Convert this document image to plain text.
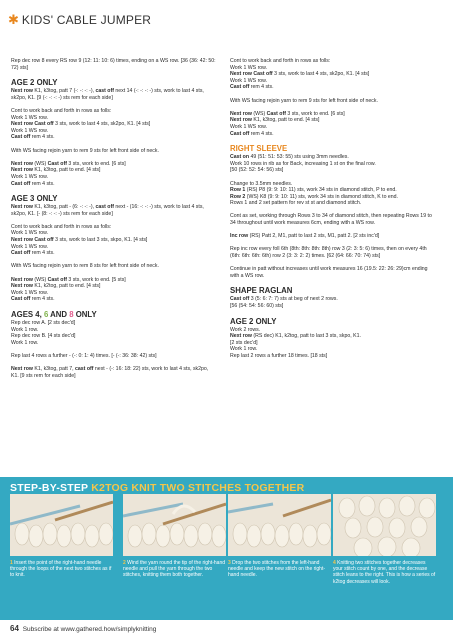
✱ KIDS' CABLE JUMPER

Rep dec row 8 every RS row 9 (12: 11: 10: 6) times, ending on a WS row. [36 (36: 42: 50: 72) sts]

AGE 2 ONLY

Next row K1, k3tog, patt 7 (-: -: -: -), cast off next 14 (-: -: -: -) sts, work to last 4 sts, sk2po, K1. [9 (-: -: -: -) sts rem for each side]

Cont to work back and forth in rows as folls:
Work 1 WS row.
Next row Cast off 3 sts, work to last 4 sts, sk2po, K1. [4 sts]
Work 1 WS row.
Cast off rem 4 sts.

With WS facing rejoin yarn to rem 9 sts for left front side of neck.

Next row (WS) Cast off 3 sts, work to end. [6 sts]
Next row K1, k3tog, patt to end. [4 sts]
Work 1 WS row.
Cast off rem 4 sts.

AGE 3 ONLY

Next row K1, k3tog, patt - (6: -: -: -), cast off next - (16: -: -: -) sts, work to last 4 sts, sk2po, K1. [- (8: -: -: -) sts rem for each side]

Cont to work back and forth in rows as folls:
Work 1 WS row.
Next row Cast off 3 sts, work to last 3 sts, skpo, K1. [4 sts]
Work 1 WS row.
Cast off rem 4 sts.

With WS facing rejoin yarn to rem 8 sts for left front side of neck.

Next row (WS) Cast off 3 sts, work to end. [5 sts]
Next row K1, k2tog, patt to end. [4 sts]
Work 1 WS row.
Cast off rem 4 sts.

AGES 4, 6 AND 8 ONLY

Rep dec row A. [2 sts dec'd]
Work 1 row.
Rep dec row B. [4 sts dec'd]
Work 1 row.

Rep last 4 rows a further - (-: 0: 1: 4) times. [- (-: 36: 38: 42) sts]

Next row K1, k3tog, patt 7, cast off next - (-: 16: 18: 22) sts, work to last 4 sts, sk2po, K1. [9 sts rem for each side]

Cont to work back and forth in rows as folls:
Work 1 WS row.
Next row Cast off 3 sts, work to last 4 sts, sk2po, K1. [4 sts]
Work 1 WS row.
Cast off rem 4 sts.

With WS facing rejoin yarn to rem 9 sts for left front side of neck.

Next row (WS) Cast off 3 sts, work to end. [6 sts]
Next row K1, k3tog, patt to end. [4 sts]
Work 1 WS row.
Cast off rem 4 sts.

RIGHT SLEEVE

Cast on 49 (51: 51: 53: 55) sts using 3mm needles.
Work 10 rows in rib as for Back, increasing 1 st on the final row.
[50 (52: 52: 54: 56) sts]

Change to 3.5mm needles.
Row 1 (RS) P8 (9: 9: 10: 11) sts, work 34 sts in diamond stitch, P to end.
Row 2 (WS) K8 (9: 9: 10: 11) sts, work 34 sts in diamond stitch, K to end.
Rows 1 and 2 set pattern for rev st st and diamond stitch.

Cont as set, working through Rows 3 to 34 of diamond stitch, then repeating Rows 19 to 34 throughout until work measures 6cm, ending with a WS row.

Inc row (RS) Patt 2, M1, patt to last 2 sts, M1, patt 2. [2 sts inc'd]

Rep inc row every foll 6th (8th: 8th: 8th: 8th) row 3 (2: 3: 5: 6) times, then on every 4th (6th: 6th: 6th: 6th) row 2 (3: 3: 2: 2) times. [62 (64: 66: 70: 74) sts]

Continue in patt without increases until work measures 16 (19.5: 22: 26: 29)cm ending with a WS row.

SHAPE RAGLAN

Cast off 3 (5: 6: 7: 7) sts at beg of next 2 rows.
[56 (54: 54: 56: 60) sts]

AGE 2 ONLY

Work 2 rows.
Next row (RS dec) K1, k2tog, patt to last 3 sts, skpo, K1.
[2 sts dec'd]
Work 1 row.
Rep last 2 rows a further 18 times. [18 sts]

STEP-BY-STEP K2TOG KNIT TWO STITCHES TOGETHER
1 Insert the point of the right-hand needle through the loops of the next two stitches as if to knit.
2 Wind the yarn round the tip of the right-hand needle and pull the yarn through the two stitches, knitting them both together.
3 Drop the two stitches from the left-hand needle and keep the new stitch on the right-hand needle.
4 Knitting two stitches together decreases your stitch count by one, and the decrease stitch leans to the right. This is how a series of k2tog decreases will look.
64 Subscribe at www.gathered.how/simplyknitting
